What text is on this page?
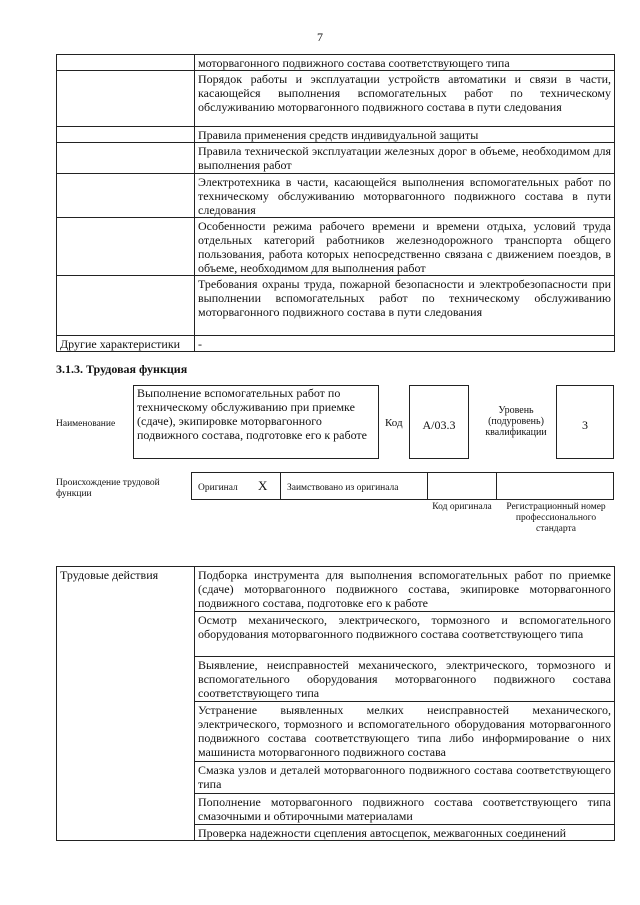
7
	моторвагонного подвижного состава соответствующего типа
	Порядок работы и эксплуатации устройств автоматики и связи в части, касающейся выполнения вспомогательных работ по техническому обслуживанию моторвагонного подвижного состава в пути следования
	Правила применения средств индивидуальной защиты
	Правила технической эксплуатации железных дорог в объеме, необходимом для выполнения работ
	Электротехника в части, касающейся выполнения вспомогательных работ по техническому обслуживанию моторвагонного подвижного состава в пути следования
	Особенности режима рабочего времени и времени отдыха, условий труда отдельных категорий работников железнодорожного транспорта общего пользования, работа которых непосредственно связана с движением поездов, в объеме, необходимом для выполнения работ
	Требования охраны труда, пожарной безопасности и электробезопасности при выполнении вспомогательных работ по техническому обслуживанию моторвагонного подвижного состава в пути следования
Другие характеристики	-
3.1.3. Трудовая функция
Наименование
Выполнение вспомогательных работ по техническому обслуживанию при приемке (сдаче), экипировке моторвагонного подвижного состава, подготовке его к работе
Код	А/03.3
Уровень (подуровень) квалификации
3
Происхождение трудовой функции
Оригинал X Заимствовано из оригинала
Код оригинала	Регистрационный номер профессионального стандарта
Трудовые действия	Подборка инструмента для выполнения вспомогательных работ по приемке (сдаче) моторвагонного подвижного состава, экипировке моторвагонного подвижного состава, подготовке его к работе
Осмотр механического, электрического, тормозного и вспомогательного оборудования моторвагонного подвижного состава соответствующего типа
Выявление, неисправностей механического, электрического, тормозного и вспомогательного оборудования моторвагонного подвижного состава соответствующего типа
Устранение выявленных мелких неисправностей механического, электрического, тормозного и вспомогательного оборудования моторвагонного подвижного состава соответствующего типа либо информирование о них машиниста моторвагонного подвижного состава
Смазка узлов и деталей моторвагонного подвижного состава соответствующего типа
Пополнение моторвагонного подвижного состава соответствующего типа смазочными и обтирочными материалами
Проверка надежности сцепления автосцепок, межвагонных соединений
